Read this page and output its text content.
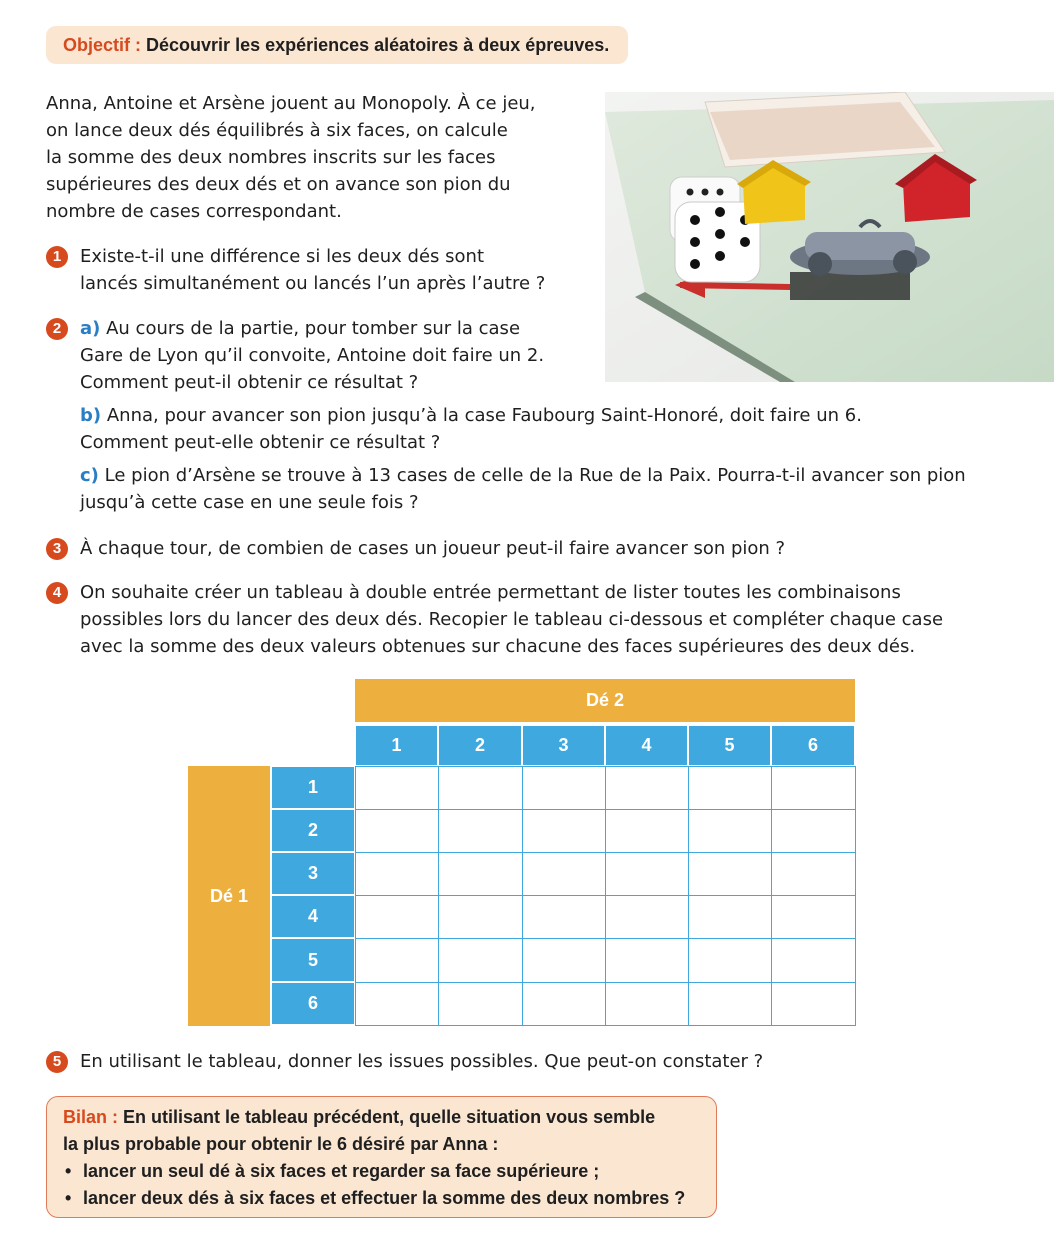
Objectif : Découvrir les expériences aléatoires à deux épreuves.

Anna, Antoine et Arsène jouent au Monopoly. À ce jeu,

on lance deux dés équilibrés à six faces, on calcule

la somme des deux nombres inscrits sur les faces

supérieures des deux dés et on avance son pion du

nombre de cases correspondant.

1	Existe-t-il une différence si les deux dés sont

lancés simultanément ou lancés l’un après l’autre ?

2	a) Au cours de la partie, pour tomber sur la case

Gare de Lyon qu’il convoite, Antoine doit faire un 2.

Comment peut-il obtenir ce résultat ?

b) Anna, pour avancer son pion jusqu’à la case Faubourg Saint-Honoré, doit faire un 6.

Comment peut-elle obtenir ce résultat ?

c) Le pion d’Arsène se trouve à 13 cases de celle de la Rue de la Paix. Pourra-t-il avancer son pion

jusqu’à cette case en une seule fois ?

3	À chaque tour, de combien de cases un joueur peut-il faire avancer son pion ?

4	On souhaite créer un tableau à double entrée permettant de lister toutes les combinaisons

possibles lors du lancer des deux dés. Recopier le tableau ci-dessous et compléter chaque case

avec la somme des deux valeurs obtenues sur chacune des faces supérieures des deux dés.

Dé 2
1	2	3	4	5	6
Dé 1
1
2
3
4
5
6
5	En utilisant le tableau, donner les issues possibles. Que peut-on constater ?

Bilan : En utilisant le tableau précédent, quelle situation vous semble
la plus probable pour obtenir le 6 désiré par Anna :
• lancer un seul dé à six faces et regarder sa face supérieure ;
• lancer deux dés à six faces et effectuer la somme des deux nombres ?
